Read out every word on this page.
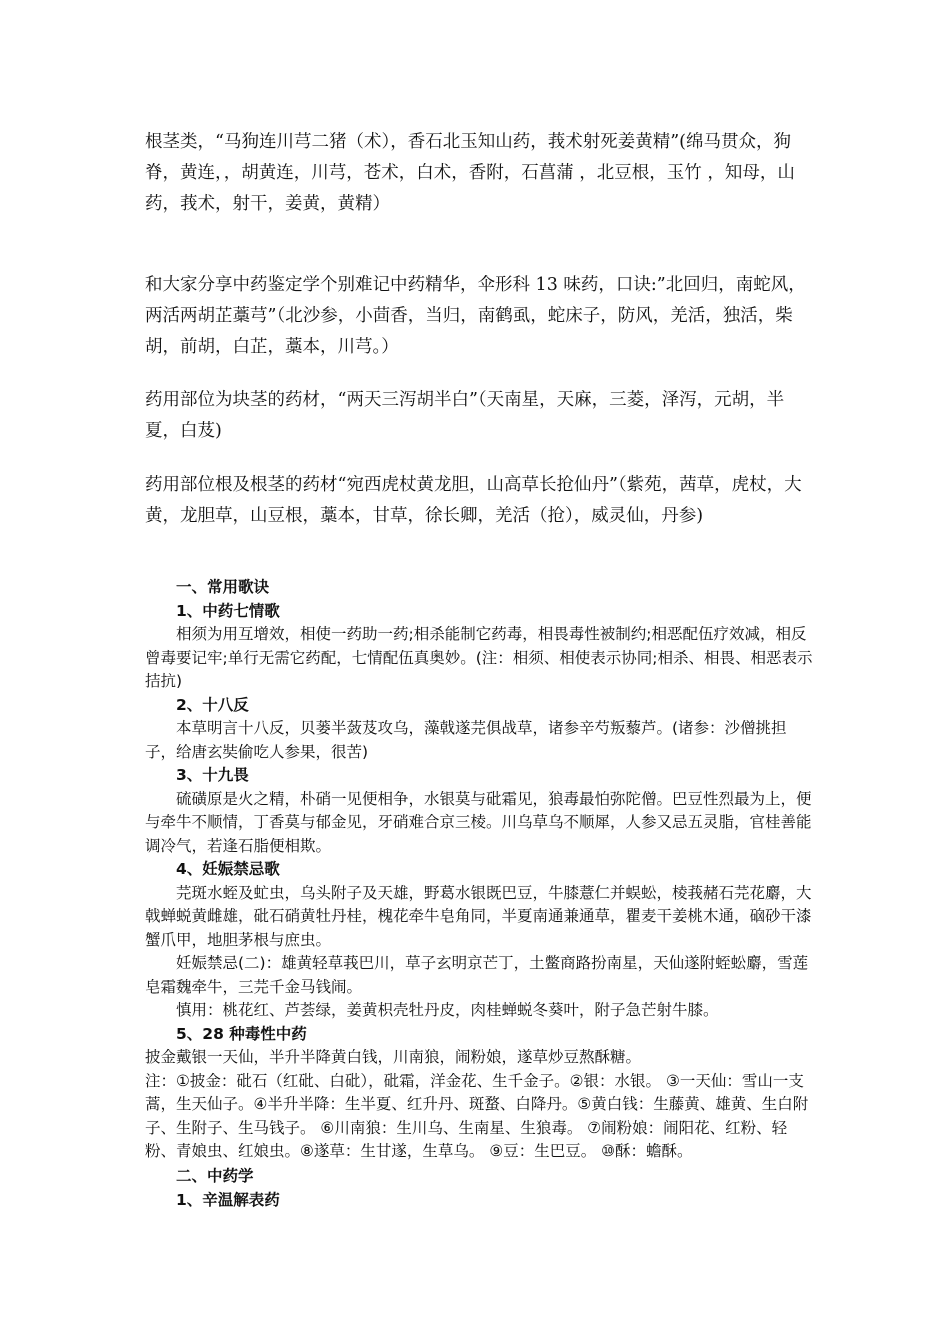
根茎类，“马狗连川芎二猪（术），香石北玉知山药，莪术射死姜黄精”(绵马贯众，狗脊，黄连，，胡黄连，川芎，苍术，白术，香附，石菖蒲 ，北豆根，玉竹 ，知母，山药，莪术，射干，姜黄，黄精）

和大家分享中药鉴定学个别难记中药精华，伞形科 13 味药，口诀:”北回归，南蛇风，两活两胡芷藁芎”（北沙参，小茴香，当归，南鹤虱，蛇床子，防风，羌活，独活，柴胡，前胡，白芷，藁本，川芎。）

药用部位为块茎的药材，“两天三泻胡半白”（天南星，天麻，三菱，泽泻，元胡，半夏，白芨)

药用部位根及根茎的药材“宛西虎杖黄龙胆，山高草长抢仙丹”（紫苑，茜草，虎杖，大黄，龙胆草，山豆根，藁本，甘草，徐长卿，羌活（抢），威灵仙，丹参)

一、常用歌诀

1、中药七情歌

相须为用互增效，相使一药助一药;相杀能制它药毒，相畏毒性被制约;相恶配伍疗效减，相反曾毒要记牢;单行无需它药配，七情配伍真奥妙。(注：相须、相使表示协同;相杀、相畏、相恶表示拮抗)

2、十八反

本草明言十八反，贝蒌半蔹芨攻乌，藻戟遂芫俱战草，诸参辛芍叛藜芦。(诸参：沙僧挑担子，给唐玄奘偷吃人参果，很苦)

3、十九畏

硫磺原是火之精，朴硝一见便相争，水银莫与砒霜见，狼毒最怕弥陀僧。巴豆性烈最为上，便与牵牛不顺情，丁香莫与郁金见，牙硝难合京三棱。川乌草乌不顺犀，人参又忌五灵脂，官桂善能调冷气，若逢石脂便相欺。

4、妊娠禁忌歌

芫斑水蛭及虻虫，乌头附子及天雄，野葛水银既巴豆，牛膝薏仁并蜈蚣，棱莪赭石芫花麝，大戟蝉蜕黄雌雄，砒石硝黄牡丹桂，槐花牵牛皂角同，半夏南通兼通草，瞿麦干姜桃木通，硇砂干漆蟹爪甲，地胆茅根与庶虫。

妊娠禁忌(二)：雄黄轻草莪巴川，草子玄明京芒丁，土鳖商路扮南星，天仙遂附蛭蚣麝，雪莲皂霜魏牵牛，三芫千金马钱闹。

慎用：桃花红、芦荟绿，姜黄枳壳牡丹皮，肉桂蝉蜕冬葵叶，附子急芒射牛膝。

5、28 种毒性中药

披金戴银一天仙，半升半降黄白钱，川南狼，闹粉娘，遂草炒豆熬酥糖。

注：①披金：砒石（红砒、白砒），砒霜，洋金花、生千金子。②银：水银。 ③一天仙：雪山一支蒿，生天仙子。④半升半降：生半夏、红升丹、斑蝥、白降丹。⑤黄白钱：生藤黄、雄黄、生白附子、生附子、生马钱子。 ⑥川南狼：生川乌、生南星、生狼毒。 ⑦闹粉娘：闹阳花、红粉、轻粉、青娘虫、红娘虫。⑧遂草：生甘遂，生草乌。 ⑨豆：生巴豆。 ⑩酥：蟾酥。

二、中药学

1、辛温解表药
